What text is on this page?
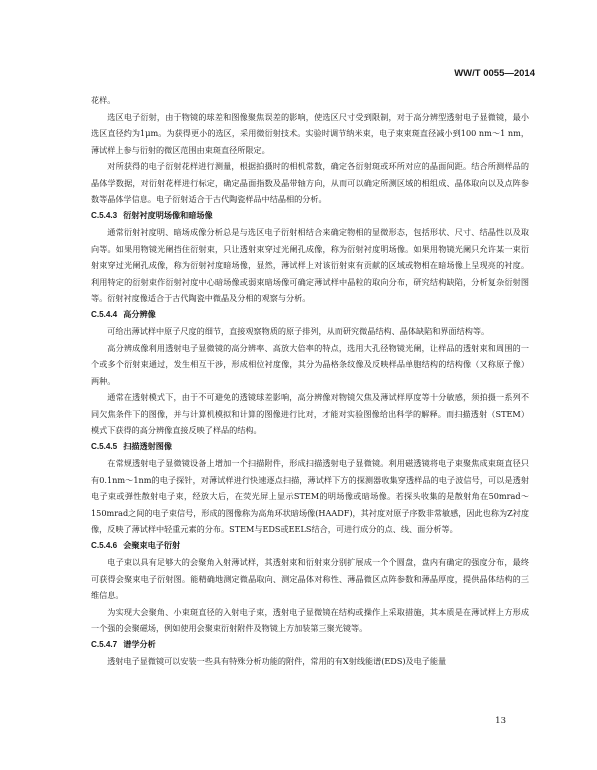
WW/T 0055—2014

花样。

选区电子衍射，由于物镜的球差和图像聚焦误差的影响，使选区尺寸受到限制，对于高分辨型透射电子显微镜，最小选区直径约为1μm。为获得更小的选区，采用微衍射技术。实验时调节纳米束，电子束束斑直径减小到100 nm～1 nm，薄试样上参与衍射的微区范围由束斑直径所限定。

对所获得的电子衍射花样进行测量，根据拍摄时的相机常数，确定各衍射斑或环所对应的晶面间距。结合所测样品的晶体学数据，对衍射花样进行标定，确定晶面指数及晶带轴方向，从而可以确定所测区域的相组成、晶体取向以及点阵参数等晶体学信息。电子衍射适合于古代陶瓷样品中结晶相的分析。

C.5.4.3 衍射衬度明场像和暗场像

通常衍射衬度明、暗场成像分析总是与选区电子衍射相结合来确定物相的显微形态，包括形状、尺寸、结晶性以及取向等。如果用物镜光阑挡住衍射束，只让透射束穿过光阑孔成像，称为衍射衬度明场像。如果用物镜光阑只允许某一束衍射束穿过光阑孔成像，称为衍射衬度暗场像，显然，薄试样上对该衍射束有贡献的区域或物相在暗场像上呈现亮的衬度。利用特定的衍射束作衍射衬度中心暗场像或弱束暗场像可确定薄试样中晶粒的取向分布，研究结构缺陷，分析复杂衍射图等。衍射衬度像适合于古代陶瓷中微晶及分相的观察与分析。

C.5.4.4 高分辨像

可给出薄试样中原子尺度的细节，直接观察物质的原子排列，从而研究微晶结构、晶体缺陷和界面结构等。

高分辨成像利用透射电子显微镜的高分辨率、高放大倍率的特点，选用大孔径物镜光阑，让样品的透射束和周围的一个或多个衍射束通过，发生相互干涉，形成相位衬度像，其分为晶格条纹像及反映样品单胞结构的结构像（又称原子像）两种。

通常在透射模式下，由于不可避免的透镜球差影响，高分辨像对物镜欠焦及薄试样厚度等十分敏感，须拍摄一系列不同欠焦条件下的图像，并与计算机模拟和计算的图像进行比对，才能对实验图像给出科学的解释。而扫描透射（STEM）模式下获得的高分辨像直接反映了样品的结构。

C.5.4.5 扫描透射图像

在常规透射电子显微镜设备上增加一个扫描附件，形成扫描透射电子显微镜。利用磁透镜将电子束聚焦成束斑直径只有0.1nm～1nm的电子探针，对薄试样进行快速逐点扫描，薄试样下方的探测器收集穿透样品的电子波信号，可以是透射电子束或弹性散射电子束，经放大后，在荧光屏上显示STEM的明场像或暗场像。若探头收集的是散射角在50mrad～150mrad之间的电子束信号，形成的图像称为高角环状暗场像(HAADF)，其衬度对原子序数非常敏感，因此也称为Z衬度像，反映了薄试样中轻重元素的分布。STEM与EDS或EELS结合，可进行成分的点、线、面分析等。

C.5.4.6 会聚束电子衍射

电子束以具有足够大的会聚角入射薄试样，其透射束和衍射束分别扩展成一个个圆盘，盘内有确定的强度分布，最终可获得会聚束电子衍射图。能精确地测定微晶取向、测定晶体对称性、薄晶微区点阵参数和薄晶厚度，提供晶体结构的三维信息。

为实现大会聚角、小束斑直径的入射电子束，透射电子显微镜在结构或操作上采取措施，其本质是在薄试样上方形成一个强的会聚磁场，例如使用会聚束衍射附件及物镜上方加装第三聚光镜等。

C.5.4.7 谱学分析

透射电子显微镜可以安装一些具有特殊分析功能的附件，常用的有X射线能谱(EDS)及电子能量

13
